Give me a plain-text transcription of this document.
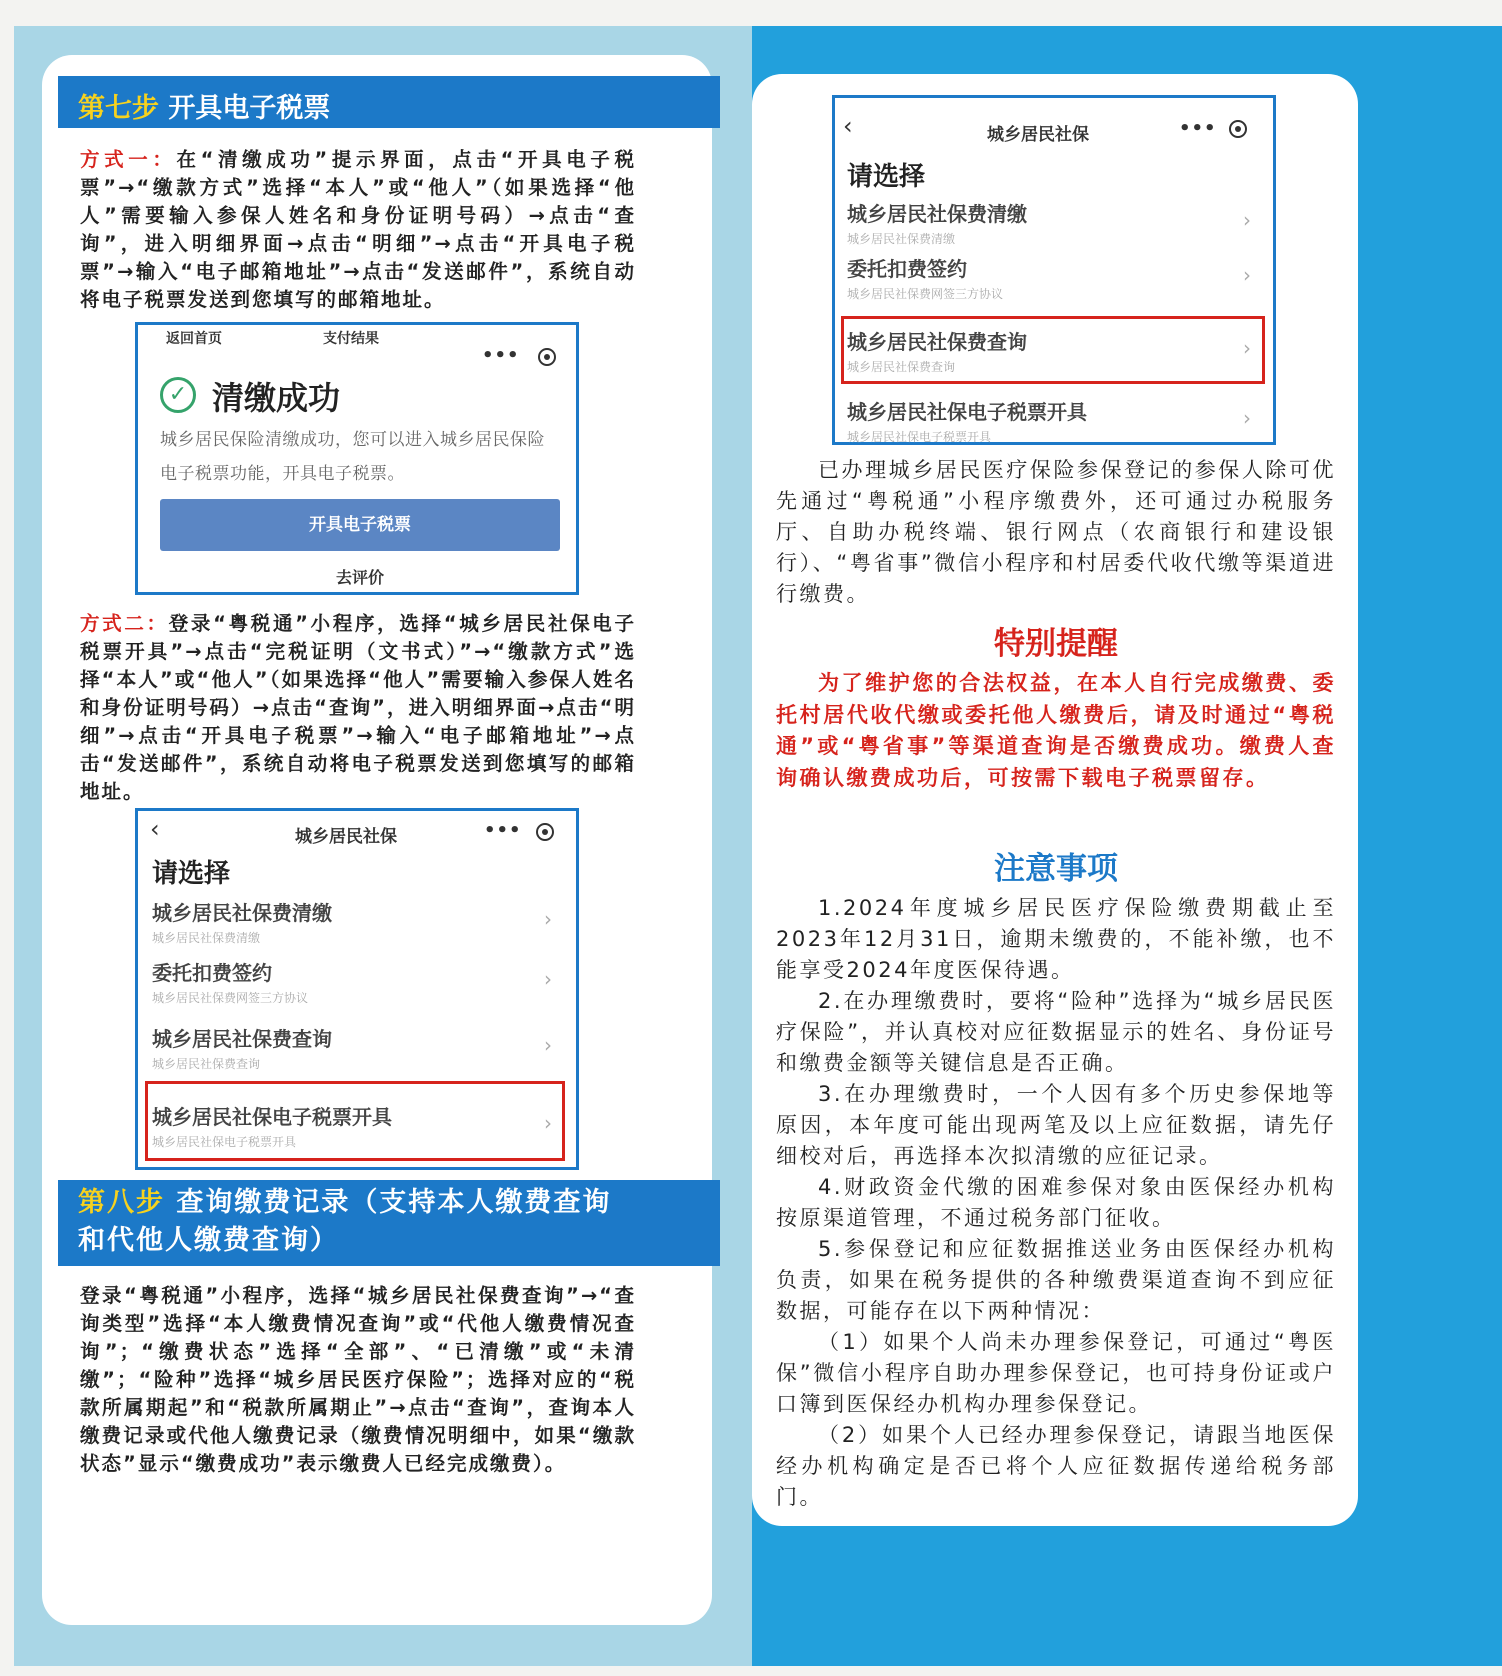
第七步 开具电子税票
方式一：在“清缴成功”提示界面，点击“开具电子税票”→“缴款方式”选择“本人”或“他人”（如果选择“他人”需要输入参保人姓名和身份证明号码）→点击“查询”，进入明细界面→点击“明细”→点击“开具电子税票”→输入“电子邮箱地址”→点击“发送邮件”，系统自动将电子税票发送到您填写的邮箱地址。
返回首页	支付结果
•••
✓ 清缴成功
城乡居民保险清缴成功，您可以进入城乡居民保险电子税票功能，开具电子税票。
开具电子税票
去评价
方式二：登录“粤税通”小程序，选择“城乡居民社保电子税票开具”→点击“完税证明（文书式）”→“缴款方式”选择“本人”或“他人”（如果选择“他人”需要输入参保人姓名和身份证明号码）→点击“查询”，进入明细界面→点击“明细”→点击“开具电子税票”→输入“电子邮箱地址”→点击“发送邮件”，系统自动将电子税票发送到您填写的邮箱地址。
‹	城乡居民社保	•••
请选择
城乡居民社保费清缴
城乡居民社保费清缴
›
委托扣费签约
城乡居民社保费网签三方协议
›
城乡居民社保费查询
城乡居民社保费查询
›
城乡居民社保电子税票开具
城乡居民社保电子税票开具
›
第八步 查询缴费记录（支持本人缴费查询
和代他人缴费查询）
登录“粤税通”小程序，选择“城乡居民社保费查询”→“查询类型”选择“本人缴费情况查询”或“代他人缴费情况查询”；“缴费状态”选择“全部”、“已清缴”或“未清缴”；“险种”选择“城乡居民医疗保险”；选择对应的“税款所属期起”和“税款所属期止”→点击“查询”，查询本人缴费记录或代他人缴费记录（缴费情况明细中，如果“缴款状态”显示“缴费成功”表示缴费人已经完成缴费）。
‹	城乡居民社保	•••
请选择
城乡居民社保费清缴
城乡居民社保费清缴
›
委托扣费签约
城乡居民社保费网签三方协议
›
城乡居民社保费查询
城乡居民社保费查询
›
城乡居民社保电子税票开具
城乡居民社保电子税票开具
›
已办理城乡居民医疗保险参保登记的参保人除可优先通过“粤税通”小程序缴费外，还可通过办税服务厅、自助办税终端、银行网点（农商银行和建设银行）、“粤省事”微信小程序和村居委代收代缴等渠道进行缴费。
特别提醒
为了维护您的合法权益，在本人自行完成缴费、委托村居代收代缴或委托他人缴费后，请及时通过“粤税通”或“粤省事”等渠道查询是否缴费成功。缴费人查询确认缴费成功后，可按需下载电子税票留存。
注意事项
1.2024年度城乡居民医疗保险缴费期截止至2023年12月31日，逾期未缴费的，不能补缴，也不能享受2024年度医保待遇。
2.在办理缴费时，要将“险种”选择为“城乡居民医疗保险”，并认真校对应征数据显示的姓名、身份证号和缴费金额等关键信息是否正确。
3.在办理缴费时，一个人因有多个历史参保地等原因，本年度可能出现两笔及以上应征数据，请先仔细校对后，再选择本次拟清缴的应征记录。
4.财政资金代缴的困难参保对象由医保经办机构按原渠道管理，不通过税务部门征收。
5.参保登记和应征数据推送业务由医保经办机构负责，如果在税务提供的各种缴费渠道查询不到应征数据，可能存在以下两种情况：
（1）如果个人尚未办理参保登记，可通过“粤医保”微信小程序自助办理参保登记，也可持身份证或户口簿到医保经办机构办理参保登记。
（2）如果个人已经办理参保登记，请跟当地医保经办机构确定是否已将个人应征数据传递给税务部门。
